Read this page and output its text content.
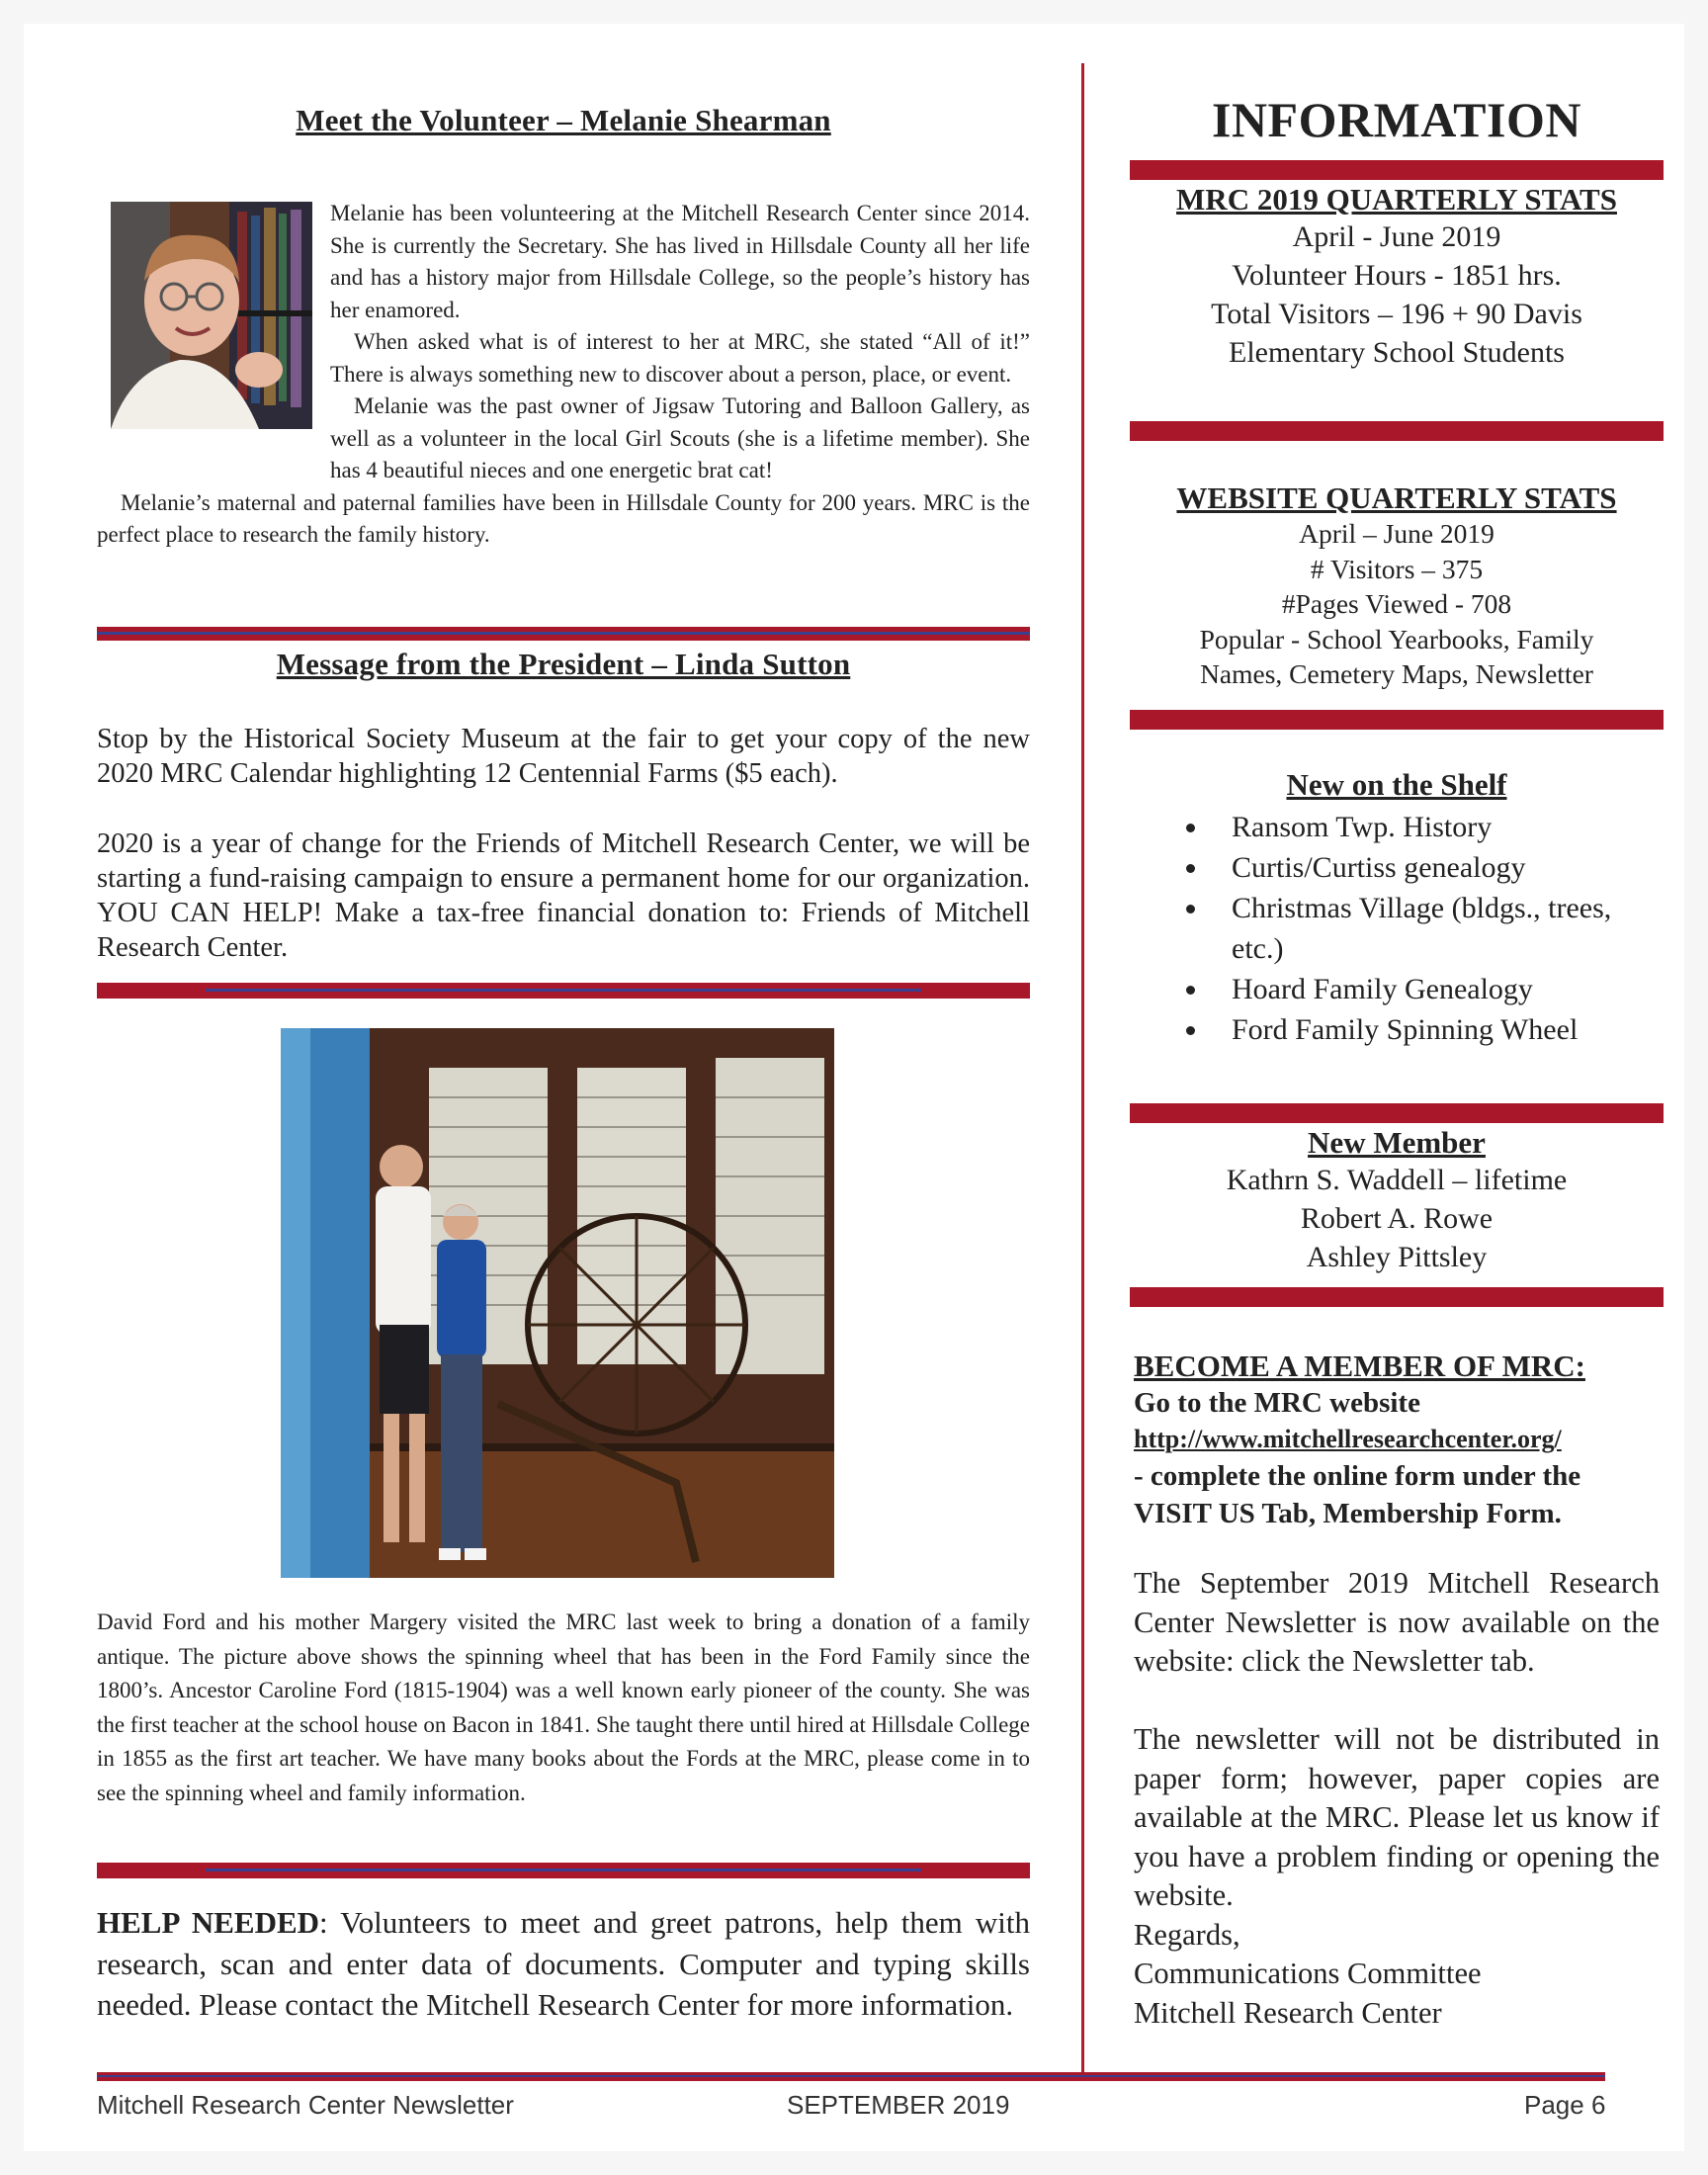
Meet the Volunteer – Melanie Shearman

Melanie has been volunteering at the Mitchell Research Center since 2014. She is currently the Secretary. She has lived in Hillsdale County all her life and has a history major from Hillsdale College, so the people’s history has her enamored.

When asked what is of interest to her at MRC, she stated “All of it!” There is always something new to discover about a person, place, or event.

Melanie was the past owner of Jigsaw Tutoring and Balloon Gallery, as well as a volunteer in the local Girl Scouts (she is a lifetime member). She has 4 beautiful nieces and one energetic brat cat!

Melanie’s maternal and paternal families have been in Hillsdale County for 200 years. MRC is the perfect place to research the family history.

Message from the President – Linda Sutton

Stop by the Historical Society Museum at the fair to get your copy of the new 2020 MRC Calendar highlighting 12 Centennial Farms ($5 each).

2020 is a year of change for the Friends of Mitchell Research Center, we will be starting a fund-raising campaign to ensure a permanent home for our organization. YOU CAN HELP! Make a tax-free financial donation to: Friends of Mitchell Research Center.

David Ford and his mother Margery visited the MRC last week to bring a donation of a family antique. The picture above shows the spinning wheel that has been in the Ford Family since the 1800’s. Ancestor Caroline Ford (1815-1904) was a well known early pioneer of the county. She was the first teacher at the school house on Bacon in 1841. She taught there until hired at Hillsdale College in 1855 as the first art teacher. We have many books about the Fords at the MRC, please come in to see the spinning wheel and family information.

HELP NEEDED: Volunteers to meet and greet patrons, help them with research, scan and enter data of documents. Computer and typing skills needed. Please contact the Mitchell Research Center for more information.

INFORMATION

MRC 2019 QUARTERLY STATS

April - June 2019

Volunteer Hours - 1851 hrs.

Total Visitors – 196 + 90 Davis

Elementary School Students

WEBSITE QUARTERLY STATS

April – June 2019

# Visitors – 375

#Pages Viewed - 708

Popular - School Yearbooks, Family

Names, Cemetery Maps, Newsletter

New on the Shelf

Ransom Twp. History
Curtis/Curtiss genealogy
Christmas Village (bldgs., trees, etc.)
Hoard Family Genealogy
Ford Family Spinning Wheel

New Member

Kathrn S. Waddell – lifetime

Robert A. Rowe

Ashley Pittsley

BECOME A MEMBER OF MRC:

Go to the MRC website

http://www.mitchellresearchcenter.org/

- complete the online form under the VISIT US Tab, Membership Form.

The September 2019 Mitchell Research Center Newsletter is now available on the website: click the Newsletter tab.

The newsletter will not be distributed in paper form; however, paper copies are available at the MRC. Please let us know if you have a problem finding or opening the website.

Regards,

Communications Committee

Mitchell Research Center

Mitchell Research Center Newsletter	SEPTEMBER 2019	Page 6
